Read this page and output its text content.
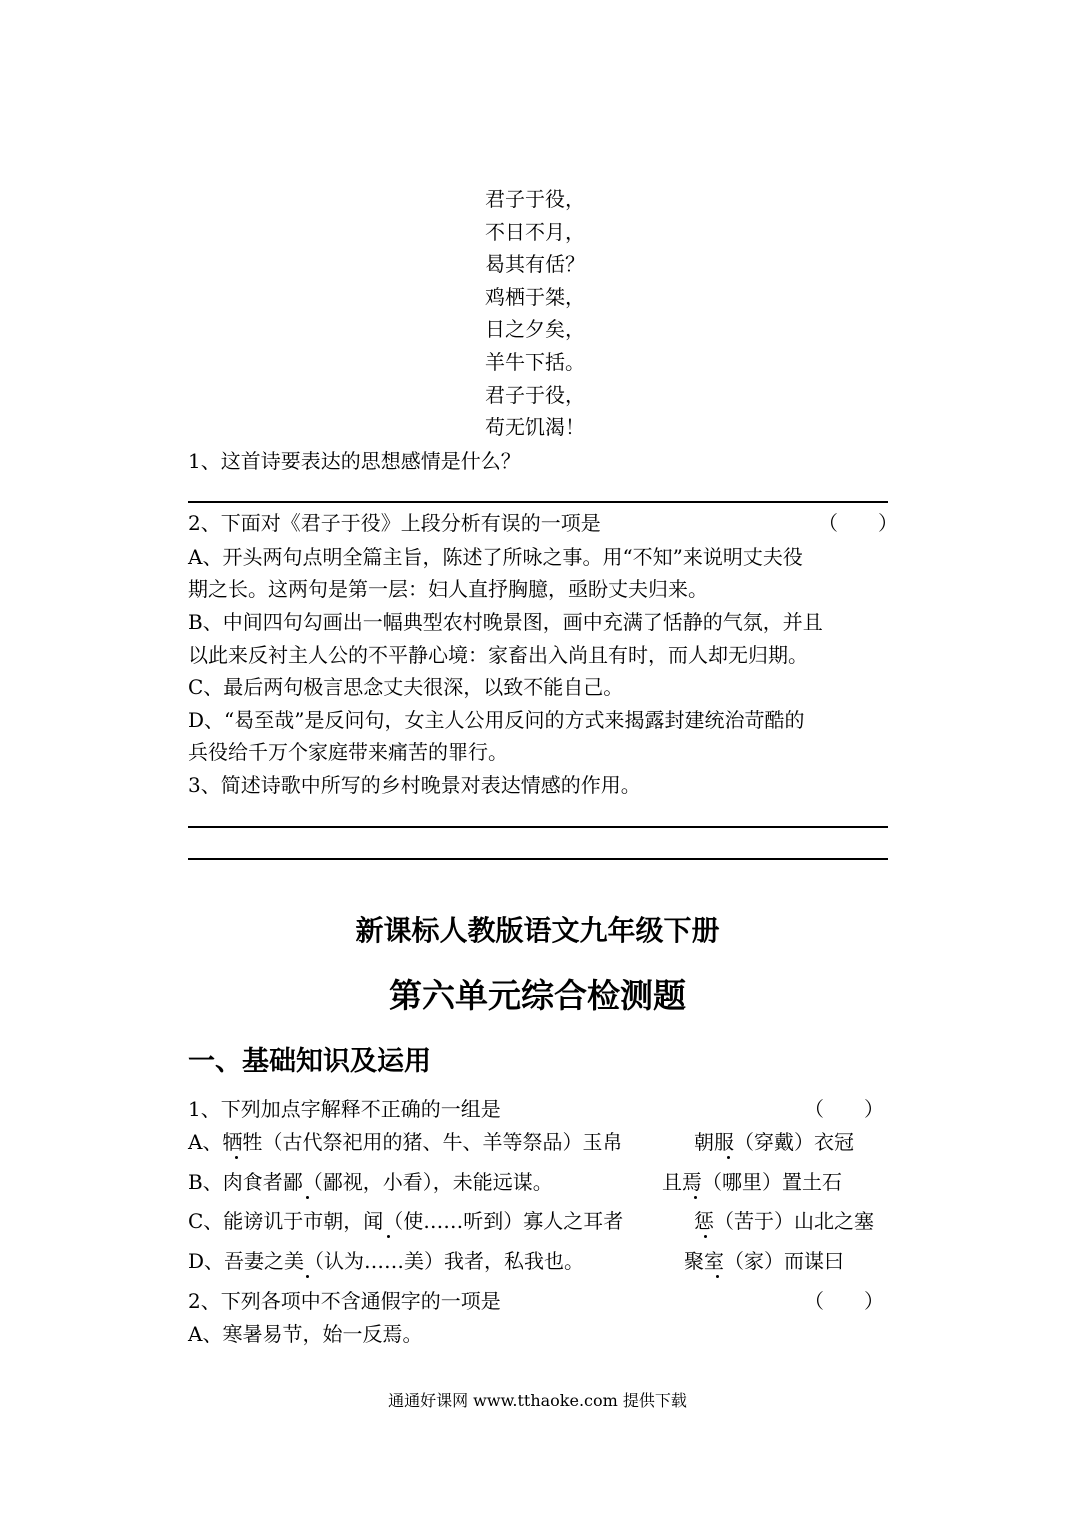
君子于役，
不日不月，
曷其有佸？
鸡栖于桀，
日之夕矣，
羊牛下括。
君子于役，
苟无饥渴！
1、这首诗要表达的思想感情是什么？
2、下面对《君子于役》上段分析有误的一项是	（　　）
A、开头两句点明全篇主旨，陈述了所咏之事。用“不知”来说明丈夫役
期之长。这两句是第一层：妇人直抒胸臆，亟盼丈夫归来。
B、中间四句勾画出一幅典型农村晚景图，画中充满了恬静的气氛，并且
以此来反衬主人公的不平静心境：家畜出入尚且有时，而人却无归期。
C、最后两句极言思念丈夫很深，以致不能自己。
D、“曷至哉”是反问句，女主人公用反问的方式来揭露封建统治苛酷的
兵役给千万个家庭带来痛苦的罪行。
3、简述诗歌中所写的乡村晚景对表达情感的作用。
新课标人教版语文九年级下册
第六单元综合检测题
一、基础知识及运用
1、下列加点字解释不正确的一组是	（　　）
A、牺牲（古代祭祀用的猪、牛、羊等祭品）玉帛	朝服（穿戴）衣冠
B、肉食者鄙（鄙视，小看），未能远谋。	且焉（哪里）置土石
C、能谤讥于市朝，闻（使……听到）寡人之耳者	惩（苦于）山北之塞
D、吾妻之美（认为……美）我者，私我也。	聚室（家）而谋曰
2、下列各项中不含通假字的一项是	（　　）
A、寒暑易节，始一反焉。
通通好课网 www.tthaoke.com 提供下载
